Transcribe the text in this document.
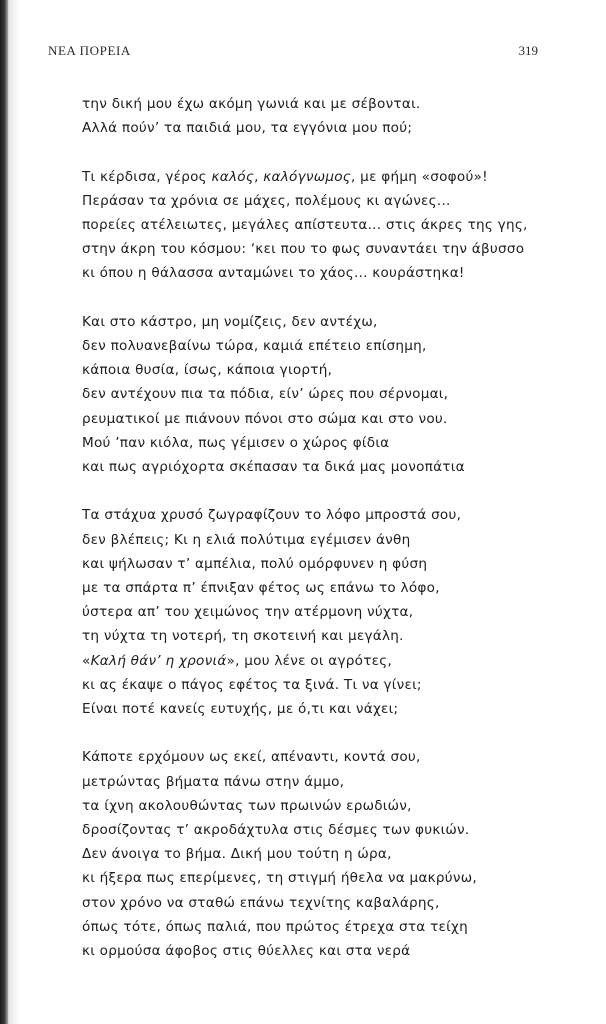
ΝΕΑ ΠΟΡΕΙΑ	319
την δική μου έχω ακόμη γωνιά και με σέβονται.
Αλλά πούν’ τα παιδιά μου, τα εγγόνια μου πού;
Τι κέρδισα, γέρος καλός, καλόγνωμος, με φήμη «σοφού»!
Περάσαν τα χρόνια σε μάχες, πολέμους κι αγώνες...
πορείες ατέλειωτες, μεγάλες απίστευτα... στις άκρες της γης,
στην άκρη του κόσμου: ‘κει που το φως συναντάει την άβυσσο
κι όπου η θάλασσα ανταμώνει το χάος... κουράστηκα!
Και στο κάστρο, μη νομίζεις, δεν αντέχω,
δεν πολυανεβαίνω τώρα, καμιά επέτειο επίσημη,
κάποια θυσία, ίσως, κάποια γιορτή,
δεν αντέχουν πια τα πόδια, είν’ ώρες που σέρνομαι,
ρευματικοί με πιάνουν πόνοι στο σώμα και στο νου.
Μού ’παν κιόλα, πως γέμισεν ο χώρος φίδια
και πως αγριόχορτα σκέπασαν τα δικά μας μονοπάτια
Τα στάχυα χρυσό ζωγραφίζουν το λόφο μπροστά σου,
δεν βλέπεις; Κι η ελιά πολύτιμα εγέμισεν άνθη
και ψήλωσαν τ’ αμπέλια, πολύ ομόρφυνεν η φύση
με τα σπάρτα π’ έπνιξαν φέτος ως επάνω το λόφο,
ύστερα απ’ του χειμώνος την ατέρμονη νύχτα,
τη νύχτα τη νοτερή, τη σκοτεινή και μεγάλη.
«Καλή θάν’ η χρονιά», μου λένε οι αγρότες,
κι ας έκαψε ο πάγος εφέτος τα ξινά. Τι να γίνει;
Είναι ποτέ κανείς ευτυχής, με ό,τι και νάχει;
Κάποτε ερχόμουν ως εκεί, απέναντι, κοντά σου,
μετρώντας βήματα πάνω στην άμμο,
τα ίχνη ακολουθώντας των πρωινών ερωδιών,
δροσίζοντας τ’ ακροδάχτυλα στις δέσμες των φυκιών.
Δεν άνοιγα το βήμα. Δική μου τούτη η ώρα,
κι ήξερα πως επερίμενες, τη στιγμή ήθελα να μακρύνω,
στον χρόνο να σταθώ επάνω τεχνίτης καβαλάρης,
όπως τότε, όπως παλιά, που πρώτος έτρεχα στα τείχη
κι ορμούσα άφοβος στις θύελλες και στα νερά
